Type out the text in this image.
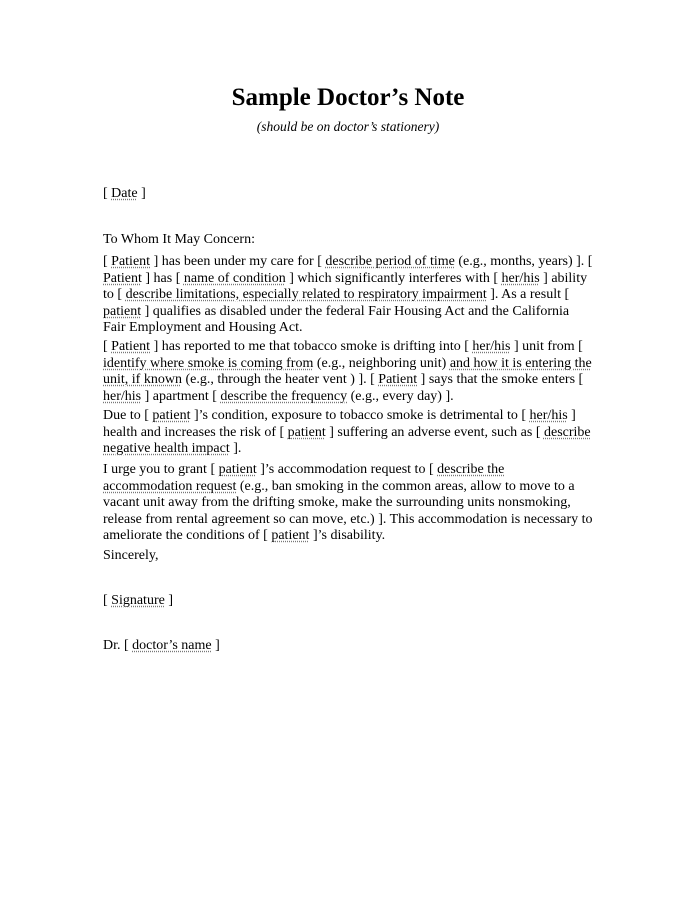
Sample Doctor’s Note

(should be on doctor’s stationery)

[ Date ]
To Whom It May Concern:

[ Patient ] has been under my care for [ describe period of time (e.g., months, years) ]. [ Patient ] has [ name of condition ] which significantly interferes with [ her/his ] ability to [ describe limitations, especially related to respiratory impairment ]. As a result [ patient ] qualifies as disabled under the federal Fair Housing Act and the California Fair Employment and Housing Act.

[ Patient ] has reported to me that tobacco smoke is drifting into [ her/his ] unit from [ identify where smoke is coming from (e.g., neighboring unit) and how it is entering the unit, if known (e.g., through the heater vent ) ]. [ Patient ] says that the smoke enters [ her/his ] apartment [ describe the frequency (e.g., every day) ].

Due to [ patient ]’s condition, exposure to tobacco smoke is detrimental to [ her/his ] health and increases the risk of [ patient ] suffering an adverse event, such as [ describe negative health impact ].

I urge you to grant [ patient ]’s accommodation request to [ describe the accommodation request (e.g., ban smoking in the common areas, allow to move to a vacant unit away from the drifting smoke, make the surrounding units nonsmoking, release from rental agreement so can move, etc.) ]. This accommodation is necessary to ameliorate the conditions of [ patient ]’s disability.

Sincerely,
[ Signature ]
Dr. [ doctor’s name ]
